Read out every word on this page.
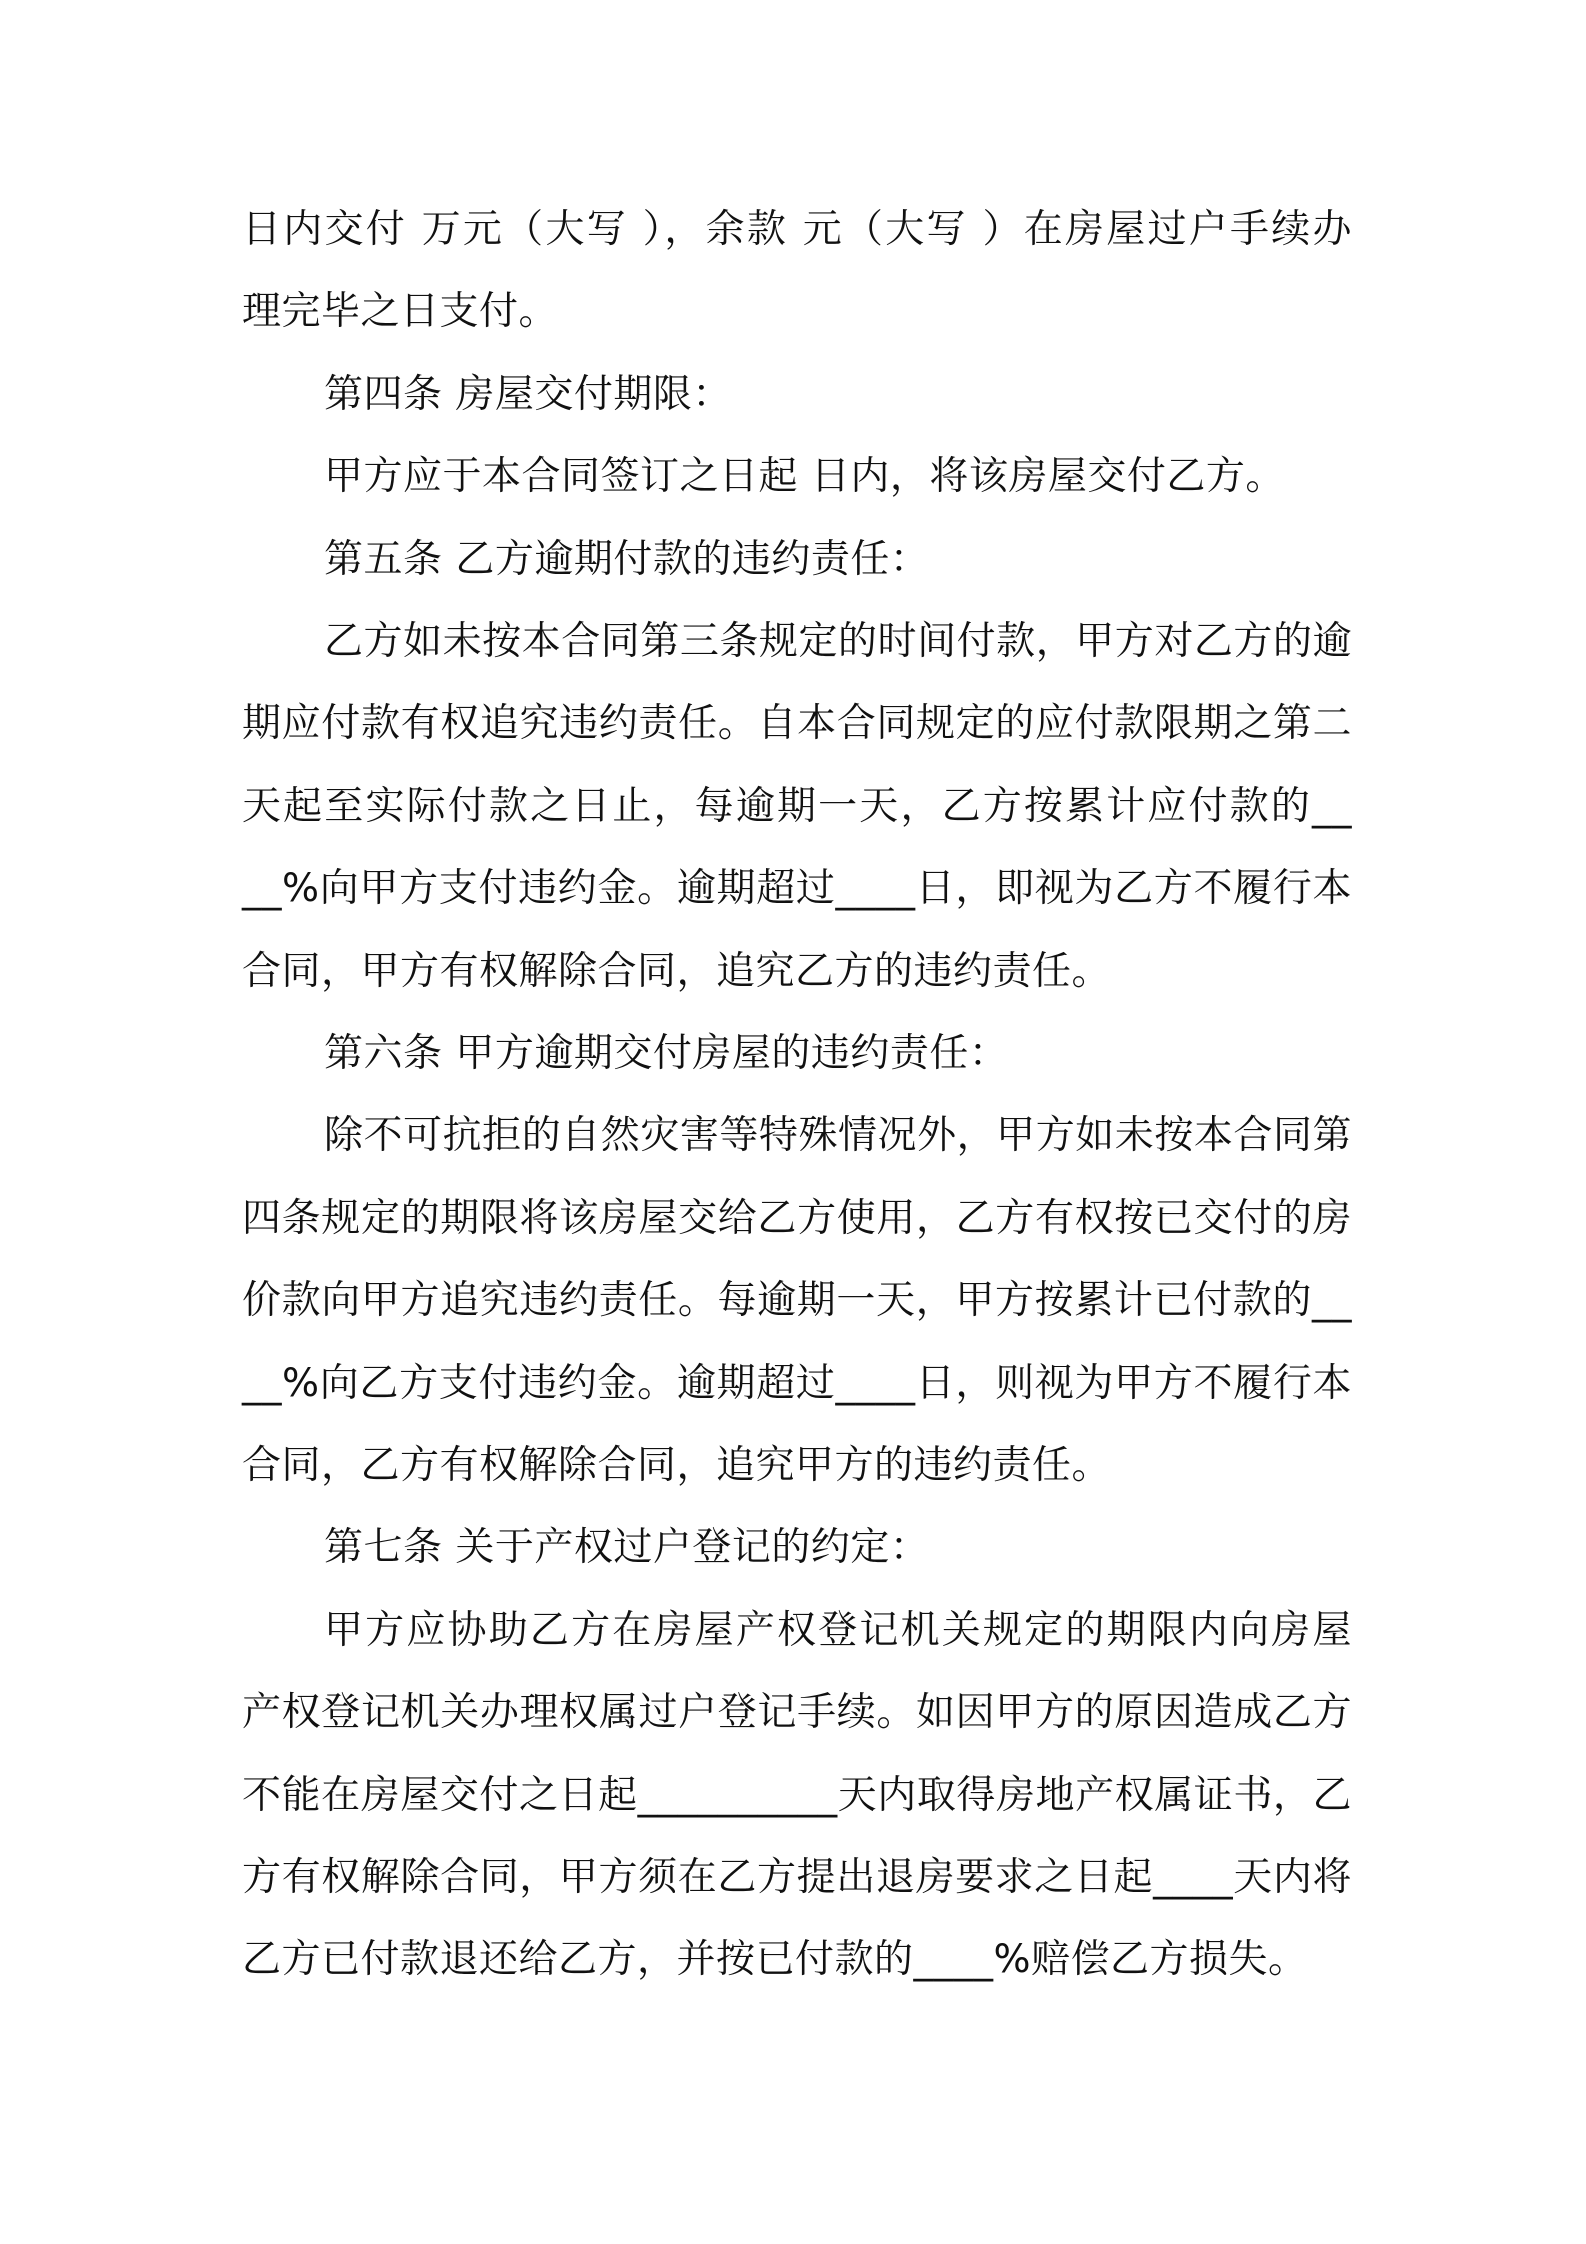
日内交付 万元（大写 ），余款 元（大写 ）在房屋过户手续办
理完毕之日支付。
第四条 房屋交付期限：
甲方应于本合同签订之日起 日内，将该房屋交付乙方。
第五条 乙方逾期付款的违约责任：
乙方如未按本合同第三条规定的时间付款，甲方对乙方的逾
期应付款有权追究违约责任。自本合同规定的应付款限期之第二
天起至实际付款之日止，每逾期一天，乙方按累计应付款的__
__%向甲方支付违约金。逾期超过____日，即视为乙方不履行本
合同，甲方有权解除合同，追究乙方的违约责任。
第六条 甲方逾期交付房屋的违约责任：
除不可抗拒的自然灾害等特殊情况外，甲方如未按本合同第
四条规定的期限将该房屋交给乙方使用，乙方有权按已交付的房
价款向甲方追究违约责任。每逾期一天，甲方按累计已付款的__
__%向乙方支付违约金。逾期超过____日，则视为甲方不履行本
合同，乙方有权解除合同，追究甲方的违约责任。
第七条 关于产权过户登记的约定：
甲方应协助乙方在房屋产权登记机关规定的期限内向房屋
产权登记机关办理权属过户登记手续。如因甲方的原因造成乙方
不能在房屋交付之日起__________天内取得房地产权属证书，乙
方有权解除合同，甲方须在乙方提出退房要求之日起____天内将
乙方已付款退还给乙方，并按已付款的____%赔偿乙方损失。
